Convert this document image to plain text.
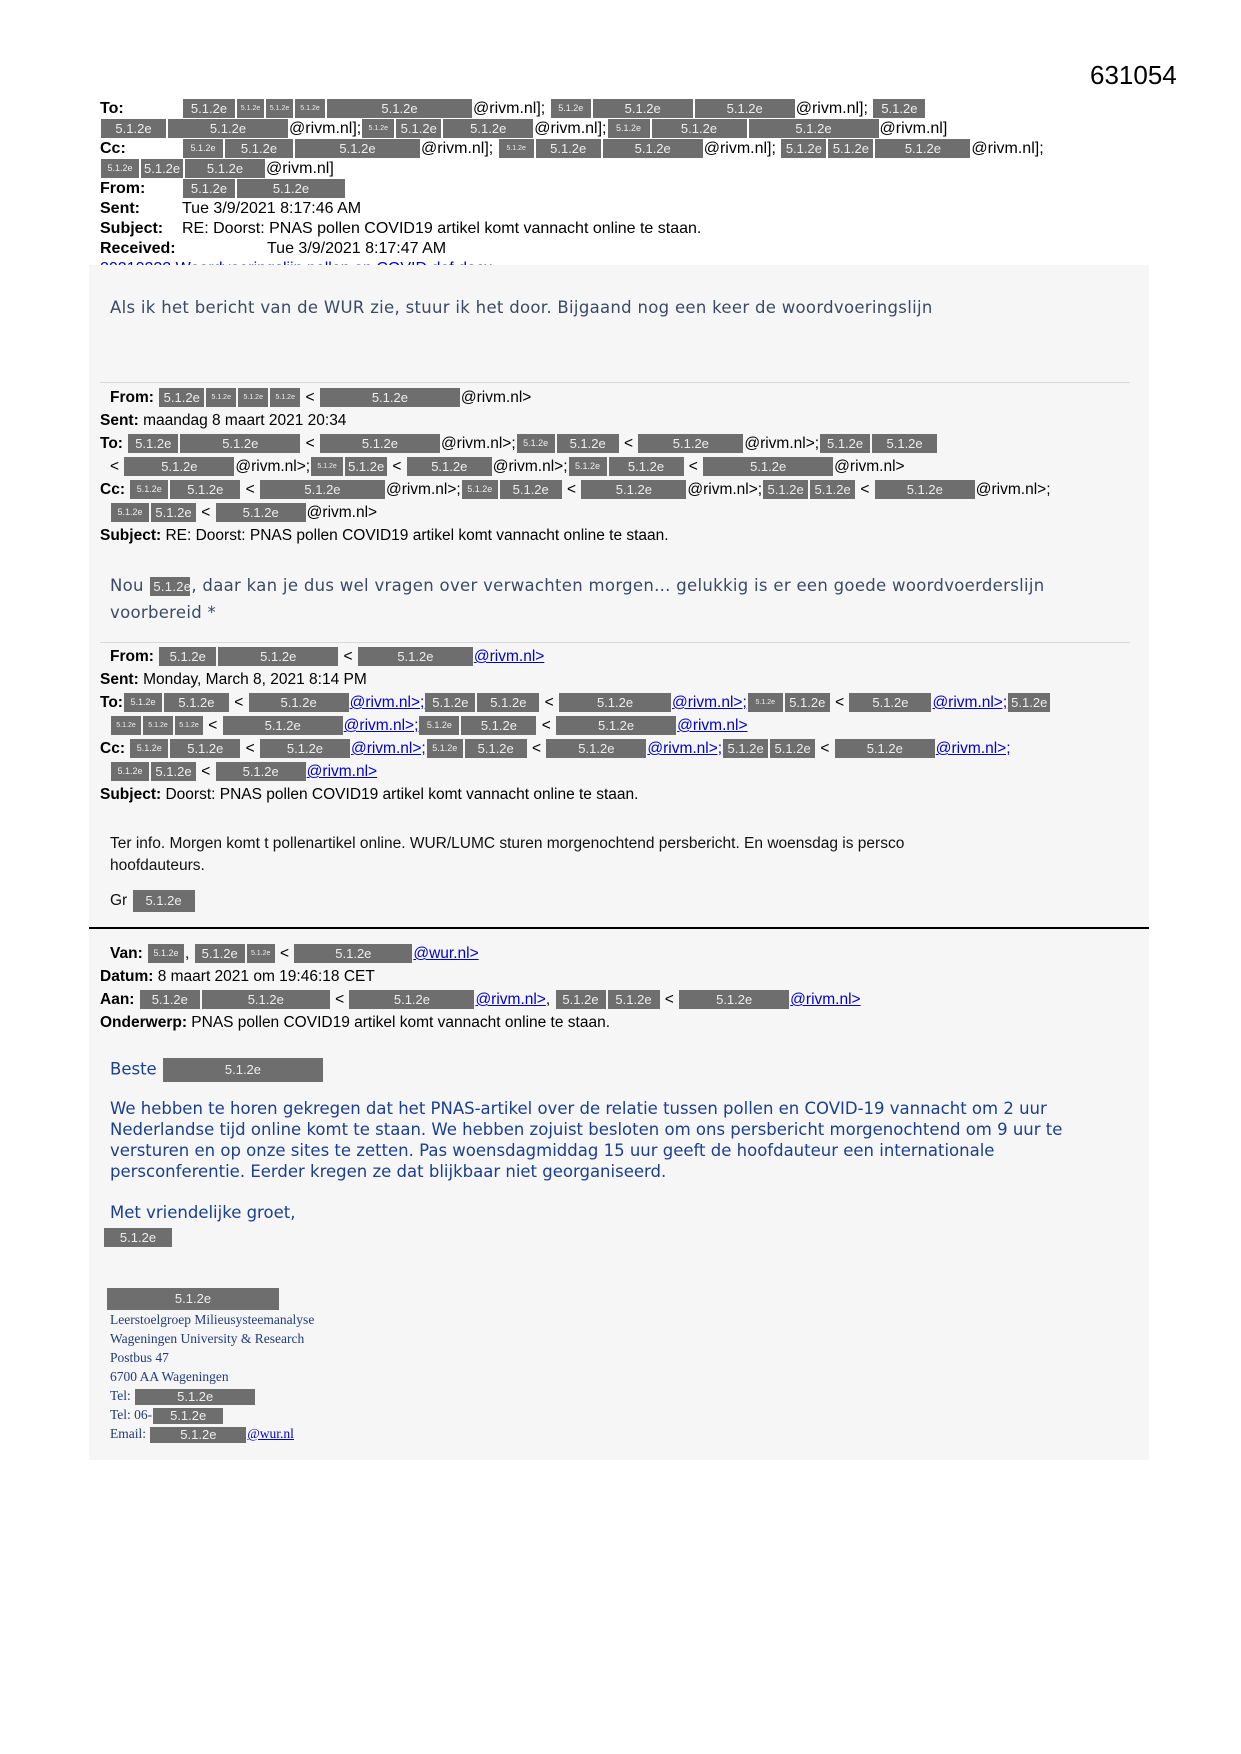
631054
To:	5.1.2e 5.1.2e 5.1.2e 5.1.2e	5.1.2e	@rivm.nl]; 5.1.2e	5.1.2e	5.1.2e @rivm.nl]; 5.1.2e
5.1.2e	5.1.2e	@rivm.nl]; 5.1.2e 5.1.2e	5.1.2e @rivm.nl]; 5.1.2e	5.1.2e	5.1.2e	@rivm.nl]
Cc:	5.1.2e 5.1.2e	5.1.2e	@rivm.nl]; 5.1.2e 5.1.2e	5.1.2e @rivm.nl]; 5.1.2e 5.1.2e	5.1.2e @rivm.nl];
5.1.2e 5.1.2e 5.1.2e @rivm.nl]
From:	5.1.2e	5.1.2e
Sent:	Tue 3/9/2021 8:17:46 AM
Subject: RE: Doorst: PNAS pollen COVID19 artikel komt vannacht online te staan.
Received:	Tue 3/9/2021 8:17:47 AM
Als ik het bericht van de WUR zie, stuur ik het door. Bijgaand nog een keer de woordvoeringslijn
From: 5.1.2e 5.1.2e 5.1.2e 5.1.2e <	5.1.2e	@rivm.nl>
Sent: maandag 8 maart 2021 20:34
To: 5.1.2e	5.1.2e	<	5.1.2e	@rivm.nl>; 5.1.2e 5.1.2e <	5.1.2e @rivm.nl>; 5.1.2e 5.1.2e
<	5.1.2e @rivm.nl>; 5.1.2e 5.1.2e < 5.1.2e @rivm.nl>; 5.1.2e 5.1.2e <	5.1.2e	@rivm.nl>
Cc: 5.1.2e 5.1.2e <	5.1.2e	@rivm.nl>; 5.1.2e 5.1.2e <	5.1.2e @rivm.nl>; 5.1.2e 5.1.2e <	5.1.2e @rivm.nl>;
5.1.2e 5.1.2e < 5.1.2e @rivm.nl>
Subject: RE: Doorst: PNAS pollen COVID19 artikel komt vannacht online te staan.
Nou 5.1.2e, daar kan je dus wel vragen over verwachten morgen... gelukkig is er een goede woordvoerderslijn
voorbereid *
From: 5.1.2e	5.1.2e	<	5.1.2e	@rivm.nl>
Sent: Monday, March 8, 2021 8:14 PM
To: 5.1.2e 5.1.2e <	5.1.2e @rivm.nl>; 5.1.2e 5.1.2e <	5.1.2e	@rivm.nl>; 5.1.2e 5.1.2e < 5.1.2e @rivm.nl>; 5.1.2e
5.1.2e 5.1.2e 5.1.2e <	5.1.2e	@rivm.nl>; 5.1.2e 5.1.2e <	5.1.2e	@rivm.nl>
Cc: 5.1.2e 5.1.2e < 5.1.2e @rivm.nl>; 5.1.2e 5.1.2e <	5.1.2e @rivm.nl>; 5.1.2e 5.1.2e <	5.1.2e @rivm.nl>;
5.1.2e 5.1.2e < 5.1.2e @rivm.nl>
Subject: Doorst: PNAS pollen COVID19 artikel komt vannacht online te staan.
Ter info. Morgen komt t pollenartikel online. WUR/LUMC sturen morgenochtend persbericht. En woensdag is persco
hoofdauteurs.
Gr 5.1.2e
Van: 5.1.2e , 5.1.2e 5.1.2e <	5.1.2e	@wur.nl>
Datum: 8 maart 2021 om 19:46:18 CET
Aan: 5.1.2e	5.1.2e	<	5.1.2e	@rivm.nl>, 5.1.2e 5.1.2e <	5.1.2e @rivm.nl>
Onderwerp: PNAS pollen COVID19 artikel komt vannacht online te staan.
Beste	5.1.2e
We hebben te horen gekregen dat het PNAS-artikel over de relatie tussen pollen en COVID-19 vannacht om 2 uur
Nederlandse tijd online komt te staan. We hebben zojuist besloten om ons persbericht morgenochtend om 9 uur te
versturen en op onze sites te zetten. Pas woensdagmiddag 15 uur geeft de hoofdauteur een internationale
persconferentie. Eerder kregen ze dat blijkbaar niet georganiseerd.
Met vriendelijke groet,
5.1.2e
5.1.2e
Leerstoelgroep Milieusysteemanalyse
Wageningen University & Research
Postbus 47
6700 AA Wageningen
Tel:	5.1.2e
Tel: 06- 5.1.2e
Email:	5.1.2e @wur.nl
